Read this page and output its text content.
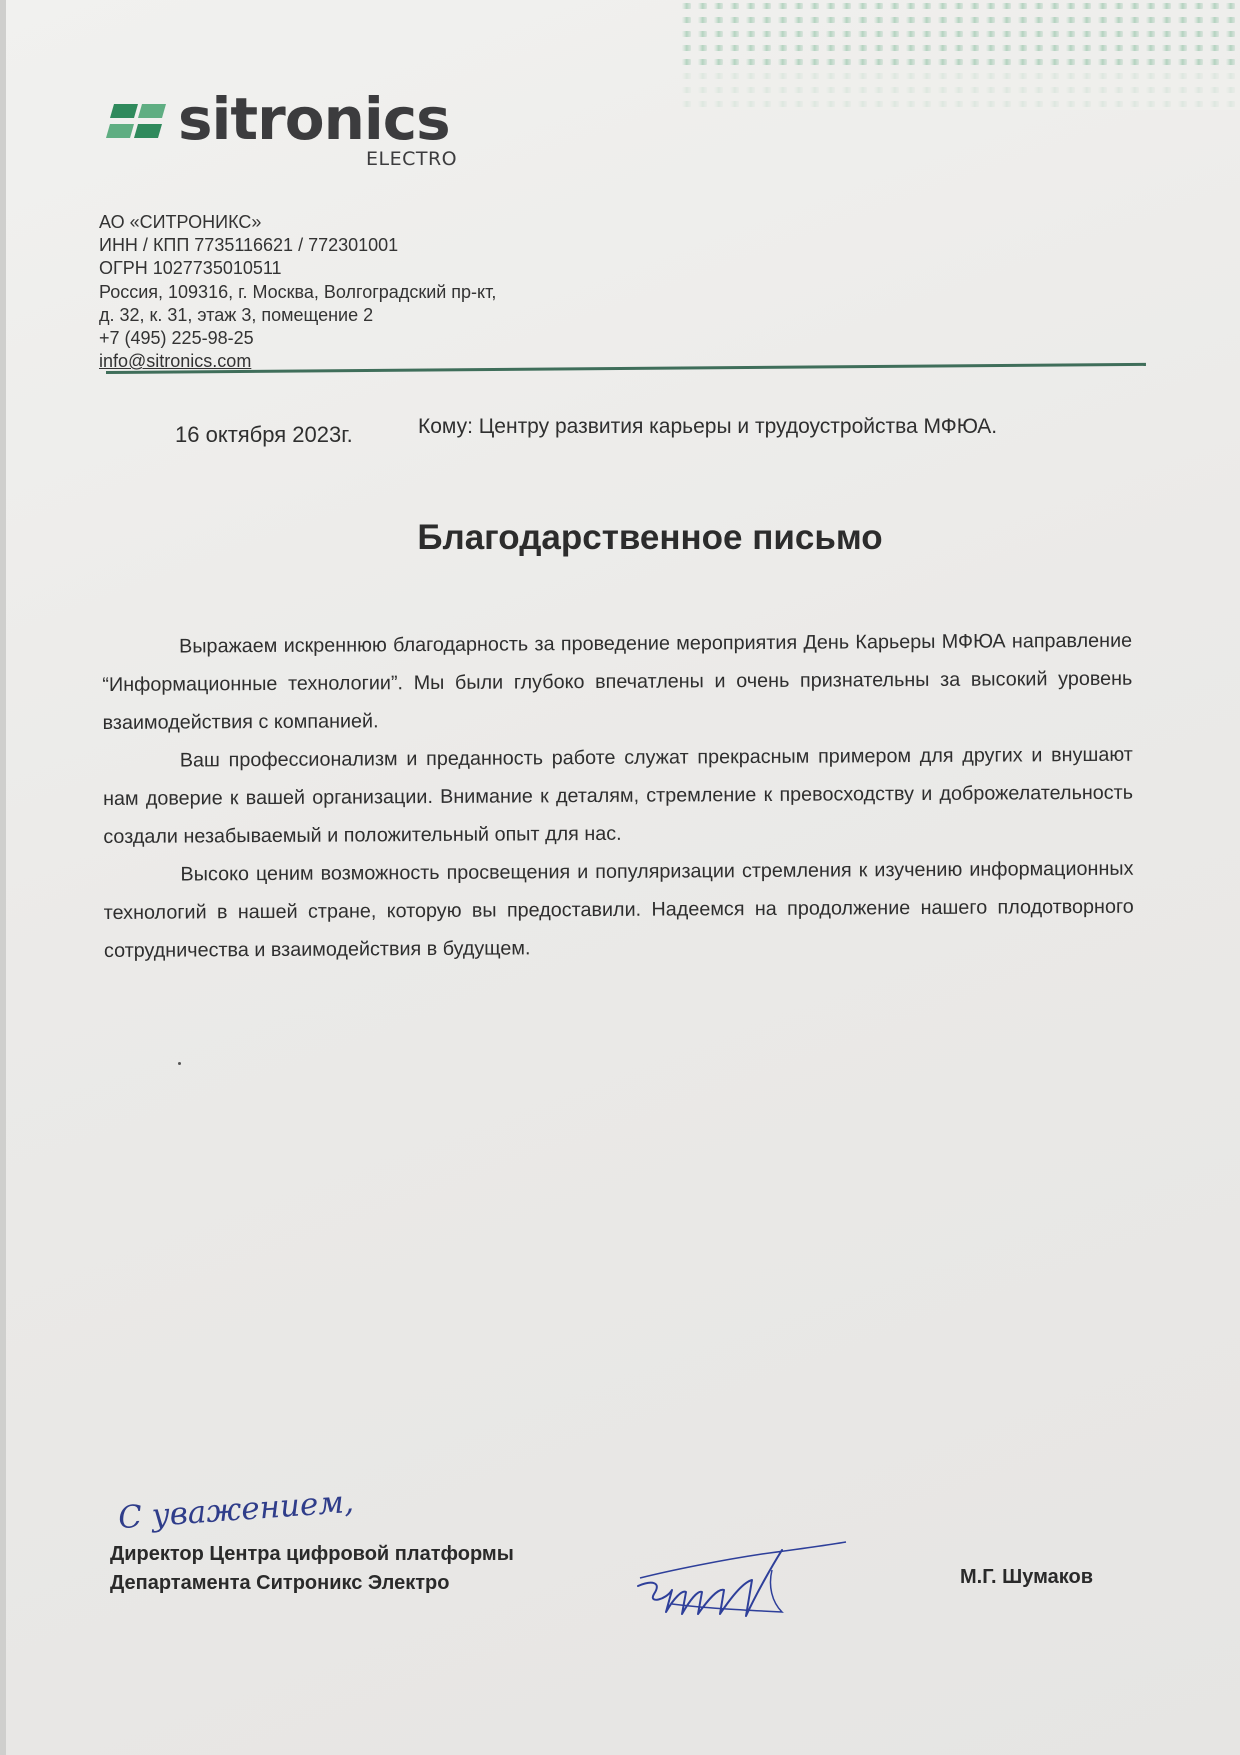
sitronics
ELECTRO
АО «СИТРОНИКС»
ИНН / КПП 7735116621 / 772301001
ОГРН 1027735010511
Россия, 109316, г. Москва, Волгоградский пр-кт,
д. 32, к. 31, этаж 3, помещение 2
+7 (495) 225-98-25
info@sitronics.com
16 октября 2023г.	Кому: Центру развития карьеры и трудоустройства МФЮА.
Благодарственное письмо

Выражаем искреннюю благодарность за проведение мероприятия День Карьеры МФЮА направление “Информационные технологии”. Мы были глубоко впечатлены и очень признательны за высокий уровень взаимодействия с компанией.

Ваш профессионализм и преданность работе служат прекрасным примером для других и внушают нам доверие к вашей организации. Внимание к деталям, стремление к превосходству и доброжелательность создали незабываемый и положительный опыт для нас.

Высоко ценим возможность просвещения и популяризации стремления к изучению информационных технологий в нашей стране, которую вы предоставили. Надеемся на продолжение нашего плодотворного сотрудничества и взаимодействия в будущем.

С уважением,
Директор Центра цифровой платформы
Департамента Ситроникс Электро	М.Г. Шумаков
